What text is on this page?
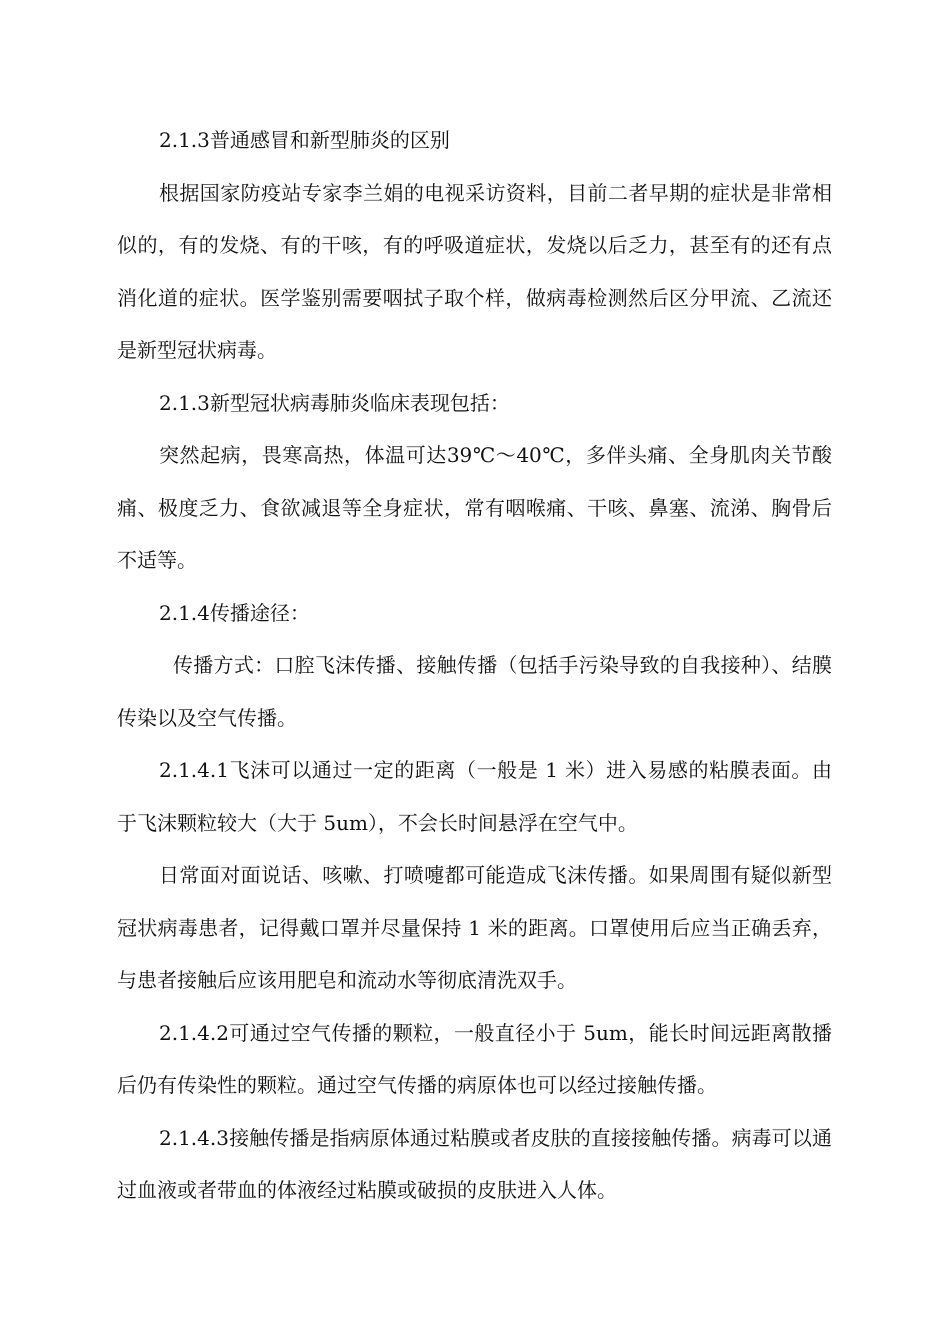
2.1.3普通感冒和新型肺炎的区别

根据国家防疫站专家李兰娟的电视采访资料，目前二者早期的症状是非常相似的，有的发烧、有的干咳，有的呼吸道症状，发烧以后乏力，甚至有的还有点消化道的症状。医学鉴别需要咽拭子取个样，做病毒检测然后区分甲流、乙流还是新型冠状病毒。

2.1.3新型冠状病毒肺炎临床表现包括：

突然起病，畏寒高热，体温可达39℃～40℃，多伴头痛、全身肌肉关节酸痛、极度乏力、食欲减退等全身症状，常有咽喉痛、干咳、鼻塞、流涕、胸骨后不适等。

2.1.4传播途径：

传播方式：口腔飞沫传播、接触传播（包括手污染导致的自我接种）、结膜传染以及空气传播。

2.1.4.1飞沫可以通过一定的距离（一般是 1 米）进入易感的粘膜表面。由于飞沫颗粒较大（大于 5um），不会长时间悬浮在空气中。

日常面对面说话、咳嗽、打喷嚏都可能造成飞沫传播。如果周围有疑似新型冠状病毒患者，记得戴口罩并尽量保持 1 米的距离。口罩使用后应当正确丢弃，与患者接触后应该用肥皂和流动水等彻底清洗双手。

2.1.4.2可通过空气传播的颗粒，一般直径小于 5um，能长时间远距离散播后仍有传染性的颗粒。通过空气传播的病原体也可以经过接触传播。

2.1.4.3接触传播是指病原体通过粘膜或者皮肤的直接接触传播。病毒可以通过血液或者带血的体液经过粘膜或破损的皮肤进入人体。
